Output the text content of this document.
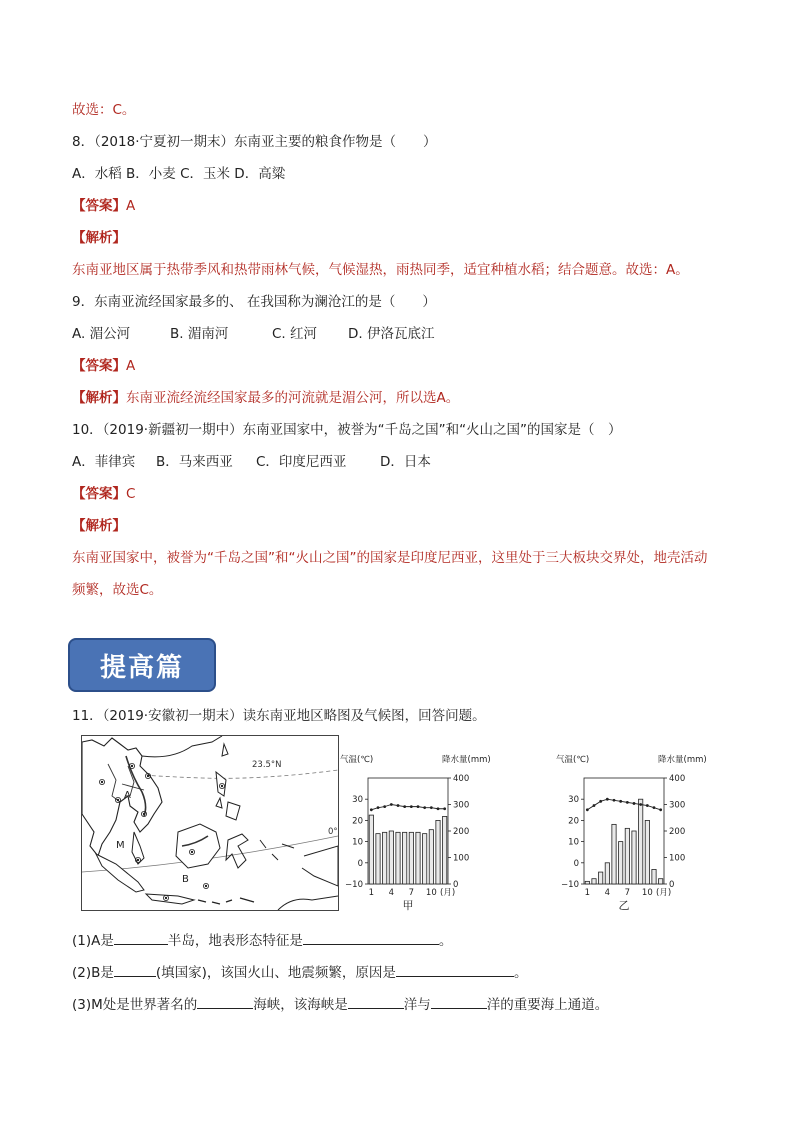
故选：C。
8．（2018·宁夏初一期末）东南亚主要的粮食作物是（　　）
A．水稻 B．小麦 C．玉米 D．高粱
【答案】A
【解析】
东南亚地区属于热带季风和热带雨林气候，气候湿热，雨热同季，适宜种植水稻；结合题意。故选：A。
9．东南亚流经国家最多的、 在我国称为澜沧江的是（　　）
A. 湄公河	B. 湄南河	C. 红河 D. 伊洛瓦底江
【答案】A
【解析】东南亚流经流经国家最多的河流就是湄公河，所以选A。
10．（2019·新疆初一期中）东南亚国家中，被誉为“千岛之国”和“火山之国”的国家是（　）
A．菲律宾 B．马来西亚 C．印度尼西亚 D．日本
【答案】C
【解析】
东南亚国家中，被誉为“千岛之国”和“火山之国”的国家是印度尼西亚，这里处于三大板块交界处，地壳活动
频繁，故选C。
提高篇
11．（2019·安徽初一期末）读东南亚地区略图及气候图，回答问题。
23.5°N
0°
A
B
M
气温(℃)	降水量(mm)
30
20
10
0
−10
400
300
200
100
0
1 4 7 10 (月)
甲
气温(℃)	降水量(mm)
30
20
10
0
−10
400
300
200
100
0
1 4 7 10 (月)
乙
(1)A是	半岛，地表形态特征是	。
(2)B是	(填国家)，该国火山、地震频繁，原因是	。
(3)M处是世界著名的	海峡，该海峡是	洋与	洋的重要海上通道。
